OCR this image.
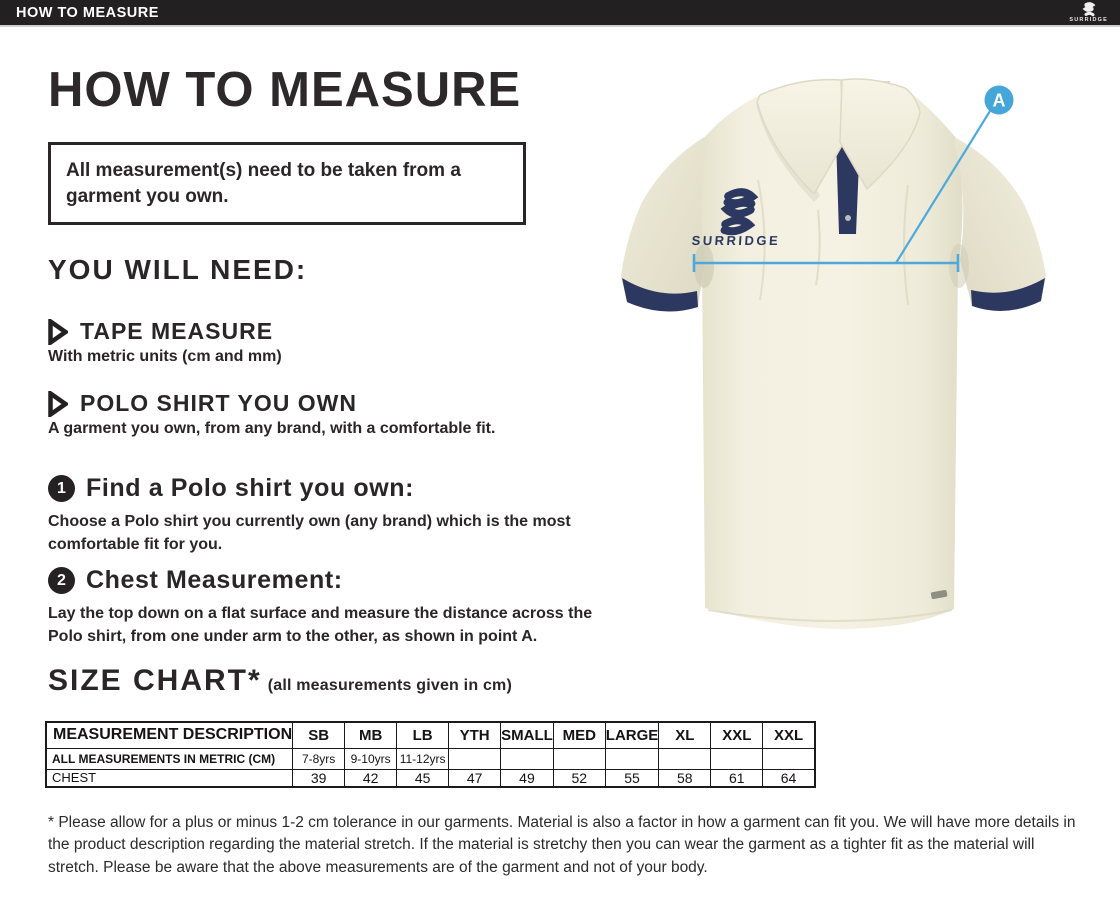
HOW TO MEASURE	SURRIDGE
HOW TO MEASURE

All measurement(s) need to be taken from a garment you own.

YOU WILL NEED:
TAPE MEASURE
With metric units (cm and mm)
POLO SHIRT YOU OWN
A garment you own, from any brand, with a comfortable fit.
1 Find a Polo shirt you own:
Choose a Polo shirt you currently own (any brand) which is the most comfortable fit for you.
2 Chest Measurement:
Lay the top down on a flat surface and measure the distance across the Polo shirt, from one under arm to the other, as shown in point A.
SIZE CHART* (all measurements given in cm)
MEASUREMENT DESCRIPTION	SB	MB	LB	YTH	SMALL	MED	LARGE	XL	XXL	XXL
ALL MEASUREMENTS IN METRIC (CM)	7-8yrs	9-10yrs	11-12yrs							
CHEST	39	42	45	47	49	52	55	58	61	64

* Please allow for a plus or minus 1-2 cm tolerance in our garments. Material is also a factor in how a garment can fit you. We will have more details in the product description regarding the material stretch. If the material is stretchy then you can wear the garment as a tighter fit as the material will stretch. Please be aware that the above measurements are of the garment and not of your body.

SURRIDGE
A
